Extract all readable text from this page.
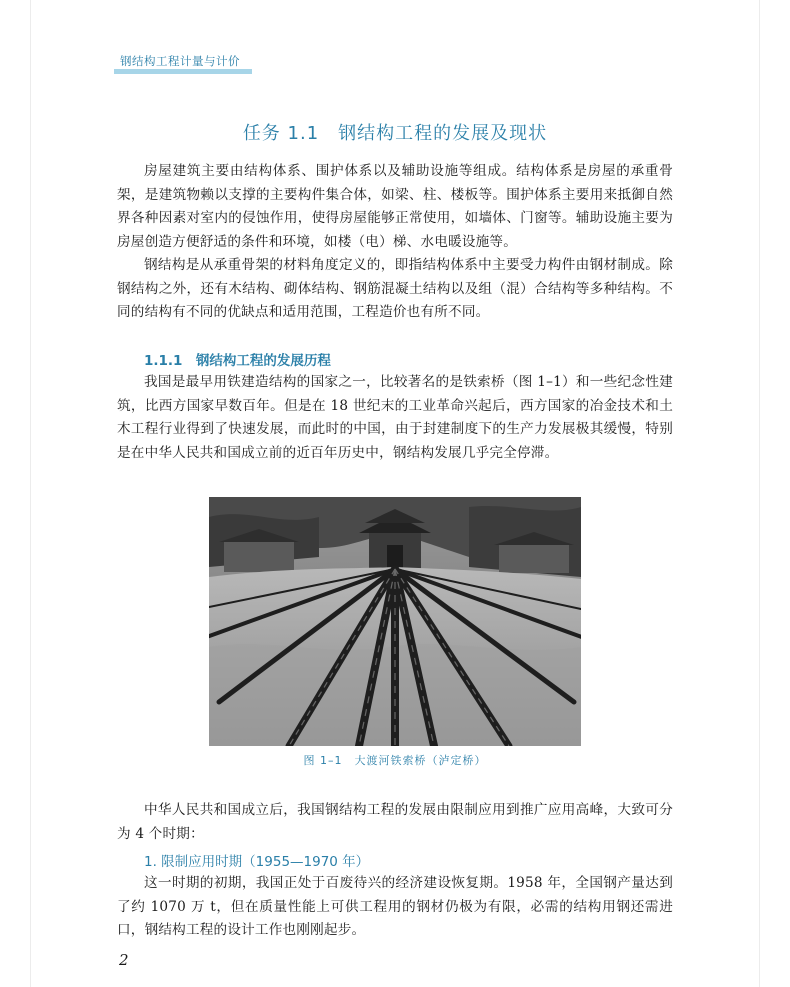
钢结构工程计量与计价
任务 1.1　钢结构工程的发展及现状

房屋建筑主要由结构体系、围护体系以及辅助设施等组成。结构体系是房屋的承重骨架，是建筑物赖以支撑的主要构件集合体，如梁、柱、楼板等。围护体系主要用来抵御自然界各种因素对室内的侵蚀作用，使得房屋能够正常使用，如墙体、门窗等。辅助设施主要为房屋创造方便舒适的条件和环境，如楼（电）梯、水电暖设施等。

钢结构是从承重骨架的材料角度定义的，即指结构体系中主要受力构件由钢材制成。除钢结构之外，还有木结构、砌体结构、钢筋混凝土结构以及组（混）合结构等多种结构。不同的结构有不同的优缺点和适用范围，工程造价也有所不同。

1.1.1　钢结构工程的发展历程

我国是最早用铁建造结构的国家之一，比较著名的是铁索桥（图 1–1）和一些纪念性建筑，比西方国家早数百年。但是在 18 世纪末的工业革命兴起后，西方国家的冶金技术和土木工程行业得到了快速发展，而此时的中国，由于封建制度下的生产力发展极其缓慢，特别是在中华人民共和国成立前的近百年历史中，钢结构发展几乎完全停滞。

图 1–1　大渡河铁索桥（泸定桥）

中华人民共和国成立后，我国钢结构工程的发展由限制应用到推广应用高峰，大致可分为 4 个时期：

1. 限制应用时期（1955—1970 年）

这一时期的初期，我国正处于百废待兴的经济建设恢复期。1958 年，全国钢产量达到了约 1070 万 t，但在质量性能上可供工程用的钢材仍极为有限，必需的结构用钢还需进口，钢结构工程的设计工作也刚刚起步。

2
